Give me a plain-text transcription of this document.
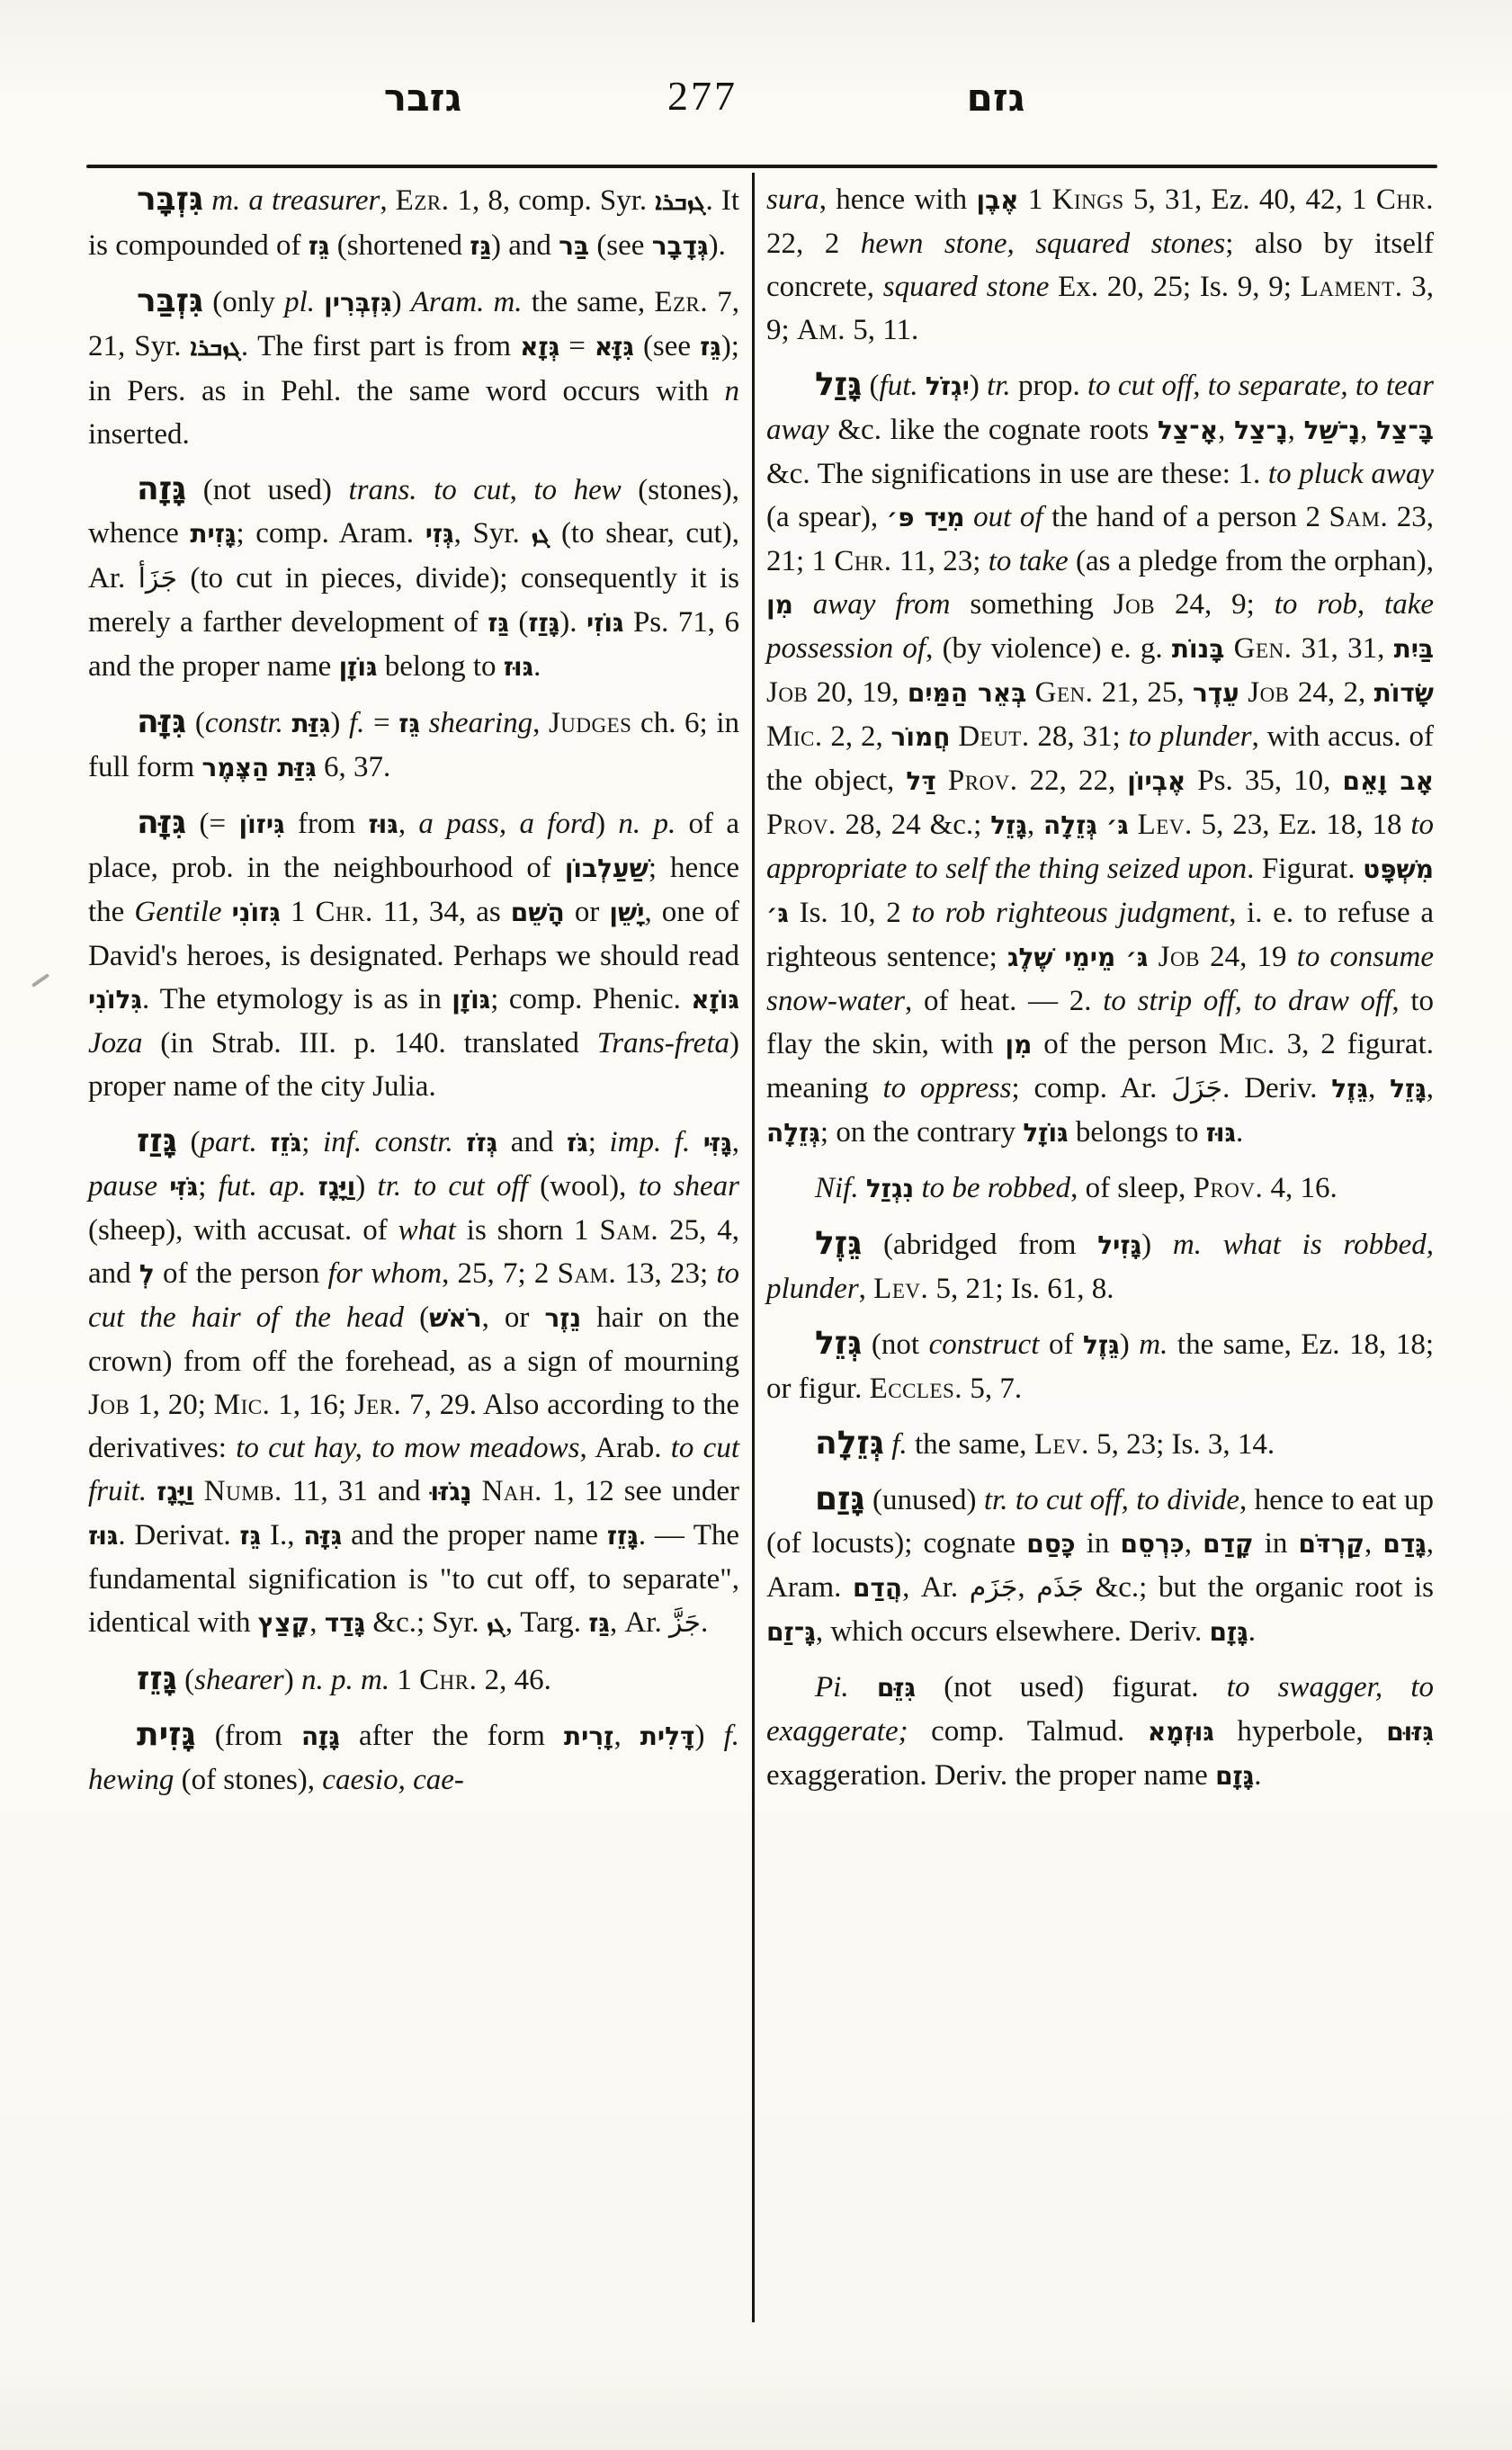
גזבר	277	גזם

גִּזְבָּר m. a treasurer, Ezr. 1, 8, comp. Syr. ܓܙܒܪܐ. It is compounded of גֵּז (shortened גַּז) and בַּר (see גְּדָבָר).

גִּזְבַּר (only pl. גִּזְבְּרִין) Aram. m. the same, Ezr. 7, 21, Syr. ܓܙܒܪܐ. The first part is from גְּזָא = גִּזָּא (see גֵּז); in Pers. as in Pehl. the same word occurs with n inserted.

גָּזָה (not used) trans. to cut, to hew (stones), whence גָּזִית; comp. Aram. גְּזִי, Syr. ܓܙ (to shear, cut), Ar. جَزَأ (to cut in pieces, divide); consequently it is merely a farther development of גַּז (גָּזַז). גּוֹזִי Ps. 71, 6 and the proper name גּוֹזָן belong to גּוּז.

גִּזָּה (constr. גִּזַּת) f. = גֵּז shearing, Judges ch. 6; in full form גִּזַּת הַצֶּמֶר 6, 37.

גִּזָּה (= גִּיזוֹן from גּוּז, a pass, a ford) n. p. of a place, prob. in the neighbourhood of שַׁעַלְבוֹן; hence the Gentile גִּזוֹנִי 1 Chr. 11, 34, as הָשֵׁם or יָשֵׁן, one of David's heroes, is designated. Perhaps we should read גִּלוֹנִי. The etymology is as in גּוֹזָן; comp. Phenic. גּוֹזָא Joza (in Strab. III. p. 140. translated Trans-freta) proper name of the city Julia.

גָּזַז (part. גֹּזֵז; inf. constr. גְּזֹז and גֹּז; imp. f. גָּזִּי, pause גֹּזִּי; fut. ap. וַיָּגָז) tr. to cut off (wool), to shear (sheep), with accusat. of what is shorn 1 Sam. 25, 4, and לְ of the person for whom, 25, 7; 2 Sam. 13, 23; to cut the hair of the head (רֹאשׁ, or נֵזֶר hair on the crown) from off the forehead, as a sign of mourning Job 1, 20; Mic. 1, 16; Jer. 7, 29. Also according to the derivatives: to cut hay, to mow meadows, Arab. to cut fruit. וַיָּגָז Numb. 11, 31 and נָגֹזּוּ Nah. 1, 12 see under גּוּז. Derivat. גֵּז I., גִּזָּה and the proper name גָּזֵז. — The fundamental signification is "to cut off, to separate", identical with קָצַץ, גָּדַד &c.; Syr. ܓܙ, Targ. גַּז, Ar. جَزَّ.

גָּזֵז (shearer) n. p. m. 1 Chr. 2, 46.

גָּזִית (from גָּזָה after the form זָרִית, דָּלִית) f. hewing (of stones), caesio, cae-

sura, hence with אֶבֶן 1 Kings 5, 31, Ez. 40, 42, 1 Chr. 22, 2 hewn stone, squared stones; also by itself concrete, squared stone Ex. 20, 25; Is. 9, 9; Lament. 3, 9; Am. 5, 11.

גָּזַל (fut. יִגְזֹל) tr. prop. to cut off, to separate, to tear away &c. like the cognate roots אָ־צַל, נָ־צַל, נָ־שַׁל, בָּ־צַל &c. The significations in use are these: 1. to pluck away (a spear), מִיַּד פּ׳ out of the hand of a person 2 Sam. 23, 21; 1 Chr. 11, 23; to take (as a pledge from the orphan), מִן away from something Job 24, 9; to rob, take possession of, (by violence) e. g. בָּנוֹת Gen. 31, 31, בַּיִת Job 20, 19, בְּאֵר הַמַּיִם Gen. 21, 25, עֵדֶר Job 24, 2, שָׂדוֹת Mic. 2, 2, חֲמוֹר Deut. 28, 31; to plunder, with accus. of the object, דַּל Prov. 22, 22, אֶבְיוֹן Ps. 35, 10, אָב וָאֵם Prov. 28, 24 &c.; גָּזֵל, גְּזֵלָה גּ׳ Lev. 5, 23, Ez. 18, 18 to appropriate to self the thing seized upon. Figurat. מִשְׁפָּט גּ׳ Is. 10, 2 to rob righteous judgment, i. e. to refuse a righteous sentence; מֵימֵי שֶׁלֶג גּ׳ Job 24, 19 to consume snow-water, of heat. — 2. to strip off, to draw off, to flay the skin, with מִן of the person Mic. 3, 2 figurat. meaning to oppress; comp. Ar. جَزَلَ. Deriv. גֵּזֶל, גָּזֵל, גְּזֵלָה; on the contrary גּוֹזָל belongs to גּוּז.

Nif. נִגְזַל to be robbed, of sleep, Prov. 4, 16.

גֵּזֶל (abridged from גָּזִיל) m. what is robbed, plunder, Lev. 5, 21; Is. 61, 8.

גְּזֵל (not construct of גֵּזֶל) m. the same, Ez. 18, 18; or figur. Eccles. 5, 7.

גְּזֵלָה f. the same, Lev. 5, 23; Is. 3, 14.

גָּזַם (unused) tr. to cut off, to divide, hence to eat up (of locusts); cognate כָּסַם in כִּרְסֵם, קָדַם in קַרְדֹּם, גָּדַם, Aram. הֲדַם, Ar. جَزَم, جَذَم &c.; but the organic root is גָּ־זַם, which occurs elsewhere. Deriv. גָּזָם.

Pi. גִּזֵּם (not used) figurat. to swagger, to exaggerate; comp. Talmud. גּוּזְמָא hyperbole, גִּזּוּם exaggeration. Deriv. the proper name גָּזָם.
